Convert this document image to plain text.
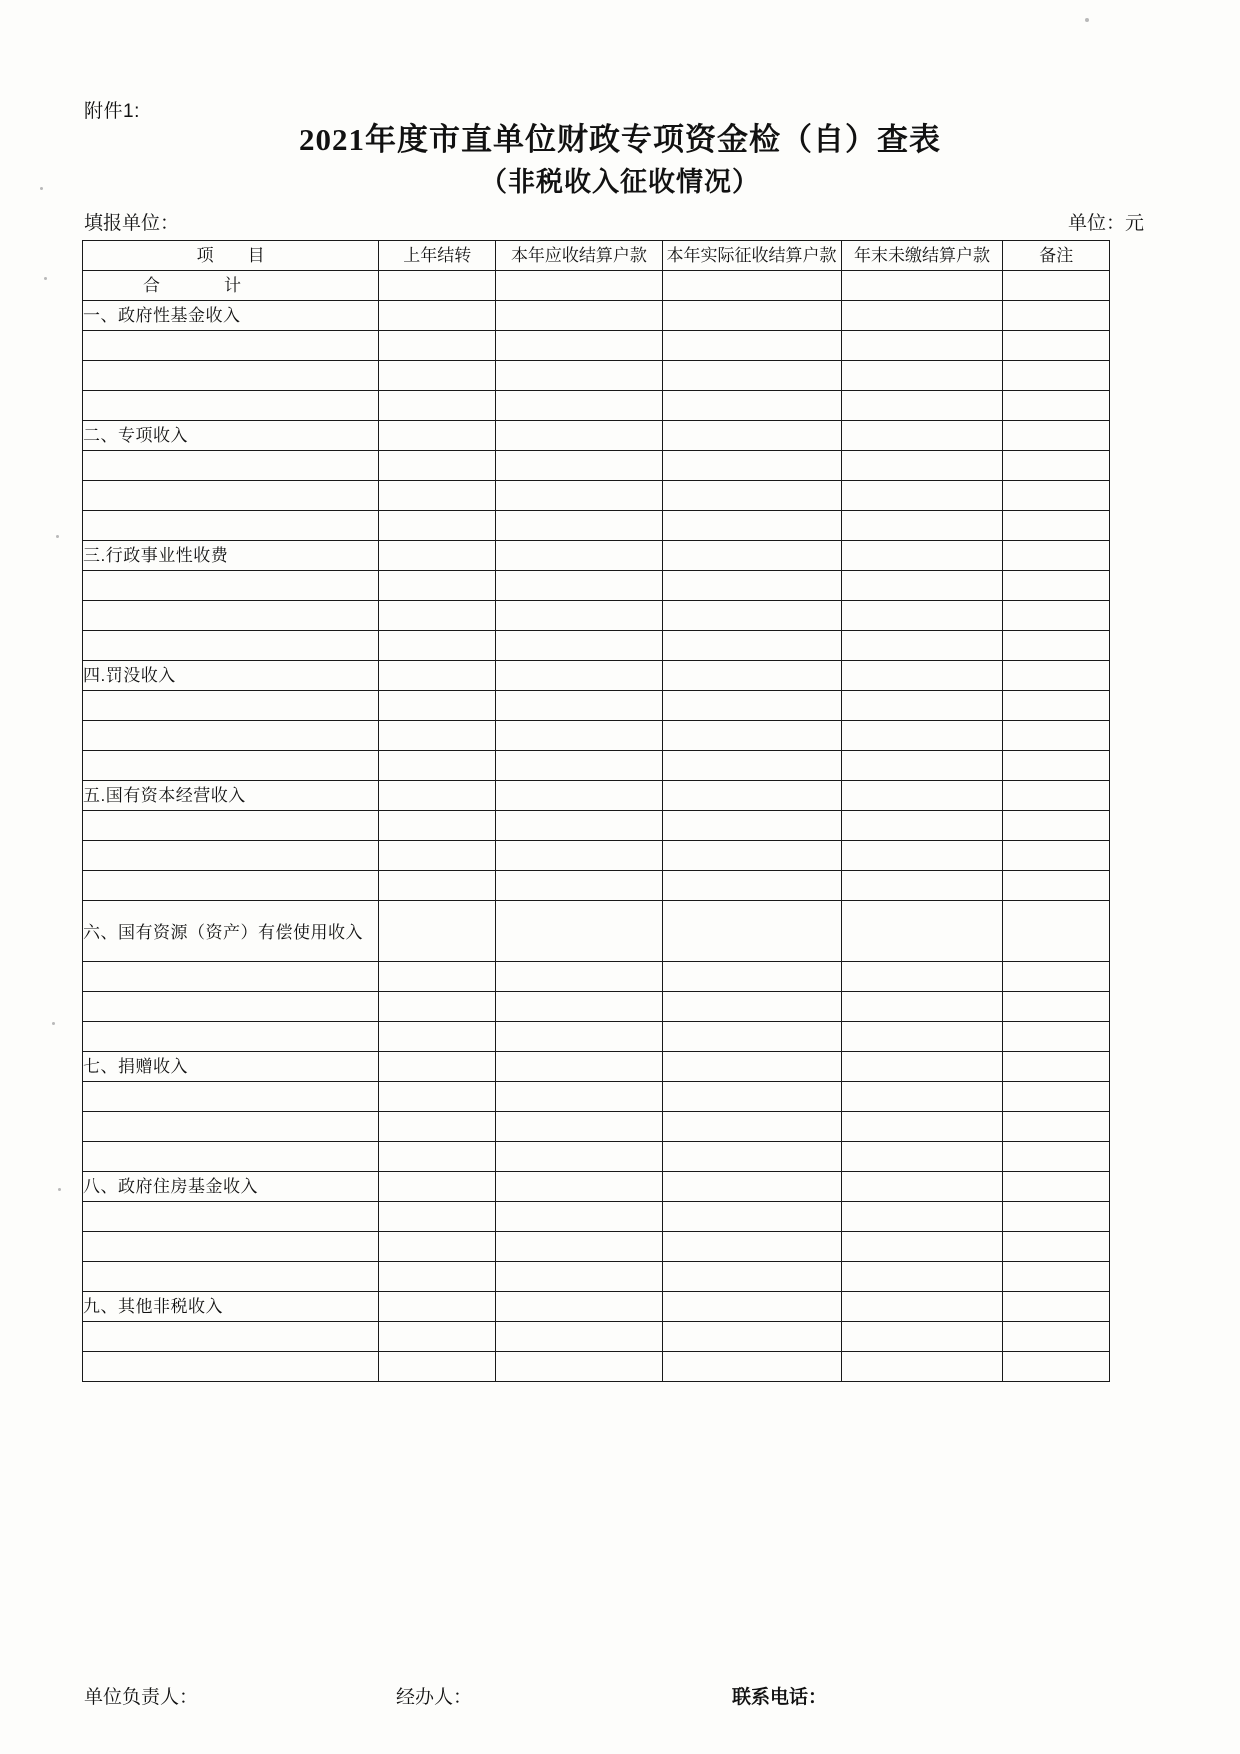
附件1:
2021年度市直单位财政专项资金检（自）查表
（非税收入征收情况）
填报单位：	单位：元
项　　目	上年结转	本年应收结算户款	本年实际征收结算户款	年末未缴结算户款	备注
合　　计					
一、政府性基金收入					

二、专项收入					

三.行政事业性收费					

四.罚没收入					

五.国有资本经营收入					

六、国有资源（资产）有偿使用收入					

七、捐赠收入					

八、政府住房基金收入					

九、其他非税收入					

单位负责人：	经办人：	联系电话：
